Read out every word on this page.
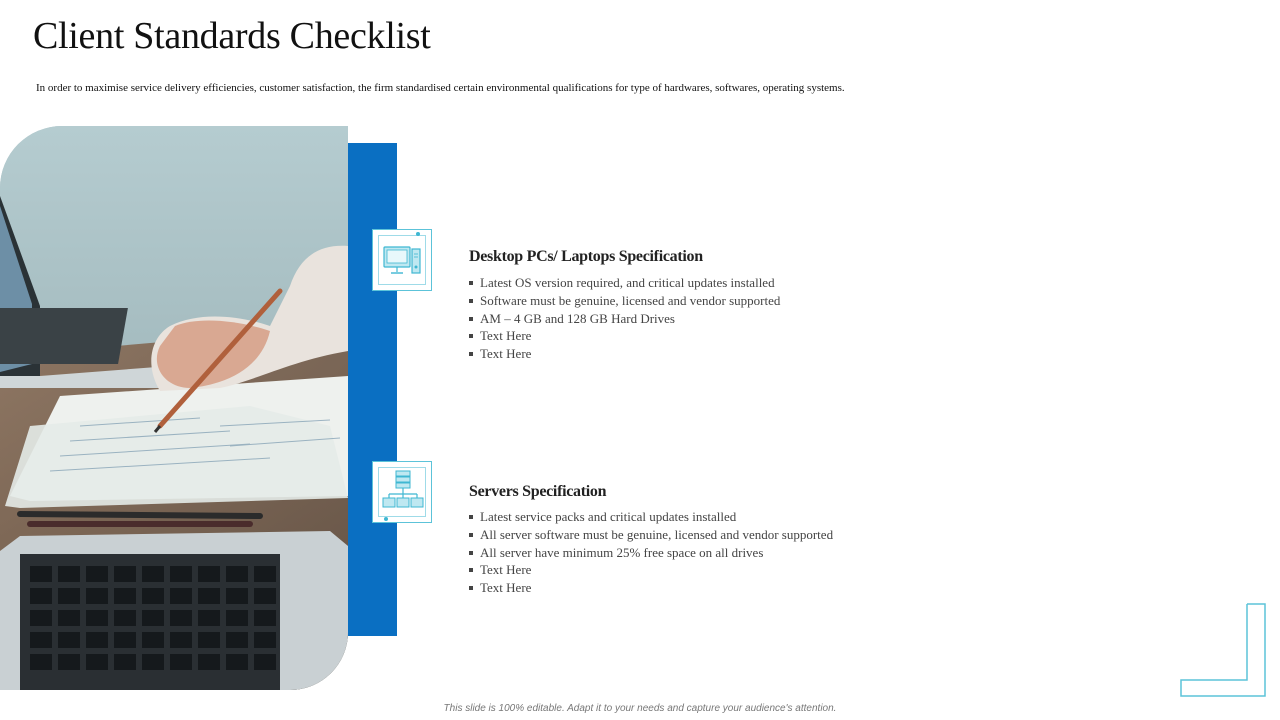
Client Standards Checklist
In order to maximise service delivery efficiencies, customer satisfaction, the firm standardised certain environmental qualifications for type of hardwares, softwares, operating systems.
Desktop PCs/ Laptops Specification
Latest OS version required, and critical updates installed
Software must be genuine, licensed and vendor supported
AM – 4 GB and 128 GB Hard Drives
Text Here
Text Here
Servers Specification
Latest service packs and critical updates installed
All server software must be genuine, licensed and vendor supported
All server have minimum 25% free space on all drives
Text Here
Text Here
This slide is 100% editable. Adapt it to your needs and capture your audience's attention.
